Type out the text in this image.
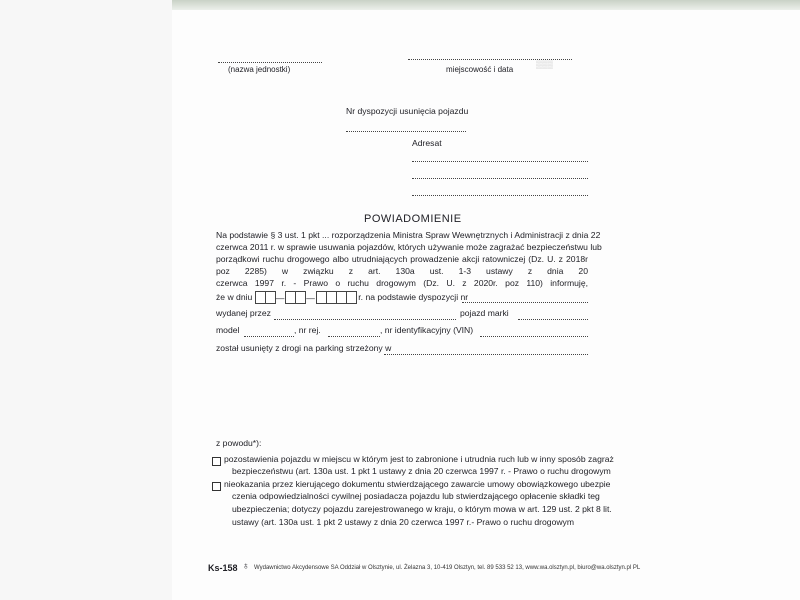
▒▒▒
(nazwa jednostki)	miejscowość i data
Nr dyspozycji usunięcia pojazdu
Adresat
POWIADOMIENIE
Na podstawie § 3 ust. 1 pkt ... rozporządzenia Ministra Spraw Wewnętrznych i Administracji z dnia 22
czerwca 2011 r. w sprawie usuwania pojazdów, których używanie może zagrażać bezpieczeństwu lub
porządkowi ruchu drogowego albo utrudniających prowadzenie akcji ratowniczej (Dz. U. z 2018r
poz 2285) w związku z art. 130a ust. 1-3 ustawy z dnia 20
czerwca 1997 r. - Prawo o ruchu drogowym (Dz. U. z 2020r. poz 110) informuję,
że w dniu	—	—	r. na podstawie dyspozycji nr
wydanej przez	pojazd marki
model	, nr rej.	, nr identyfikacyjny (VIN)
został usunięty z drogi na parking strzeżony w
z powodu*):
pozostawienia pojazdu w miejscu w którym jest to zabronione i utrudnia ruch lub w inny sposób zagraż
bezpieczeństwu (art. 130a ust. 1 pkt 1 ustawy z dnia 20 czerwca 1997 r. - Prawo o ruchu drogowym
nieokazania przez kierującego dokumentu stwierdzającego zawarcie umowy obowiązkowego ubezpie
czenia odpowiedzialności cywilnej posiadacza pojazdu lub stwierdzającego opłacenie składki teg
ubezpieczenia; dotyczy pojazdu zarejestrowanego w kraju, o którym mowa w art. 129 ust. 2 pkt 8 lit.
ustawy (art. 130a ust. 1 pkt 2 ustawy z dnia 20 czerwca 1997 r.- Prawo o ruchu drogowym
Ks-158 ♁ Wydawnictwo Akcydensowe SA Oddział w Olsztynie, ul. Żelazna 3, 10-419 Olsztyn, tel. 89 533 52 13, www.wa.olsztyn.pl, biuro@wa.olsztyn.pl PL
